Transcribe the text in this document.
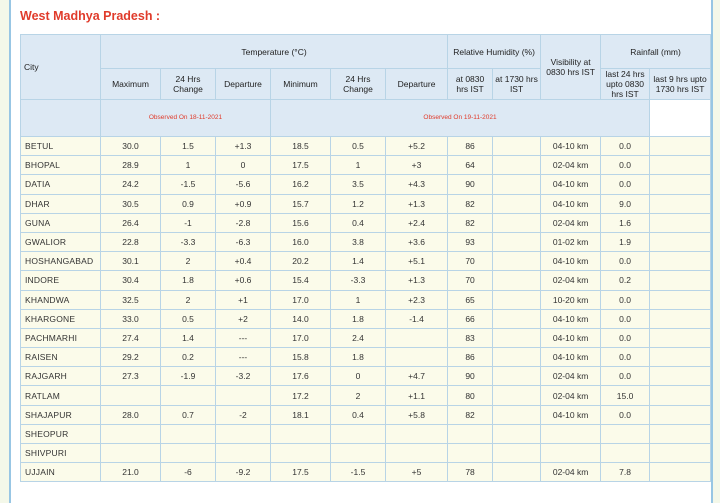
West Madhya Pradesh :
City	Temperature (°C)						Relative Humidity (%)		Visibility at 0830 hrs IST	Rainfall (mm)	
	Maximum	24 Hrs Change	Departure	Minimum	24 Hrs Change	Departure	at 0830 hrs IST	at 1730 hrs IST		last 24 hrs upto 0830 hrs IST	last 9 hrs upto 1730 hrs IST
	Observed On 18-11-2021			Observed On 19-11-2021							
BETUL	30.0	1.5	+1.3	18.5	0.5	+5.2	86		04-10 km	0.0	
BHOPAL	28.9	1	0	17.5	1	+3	64		02-04 km	0.0	
DATIA	24.2	-1.5	-5.6	16.2	3.5	+4.3	90		04-10 km	0.0	
DHAR	30.5	0.9	+0.9	15.7	1.2	+1.3	82		04-10 km	9.0	
GUNA	26.4	-1	-2.8	15.6	0.4	+2.4	82		02-04 km	1.6	
GWALIOR	22.8	-3.3	-6.3	16.0	3.8	+3.6	93		01-02 km	1.9	
HOSHANGABAD	30.1	2	+0.4	20.2	1.4	+5.1	70		04-10 km	0.0	
INDORE	30.4	1.8	+0.6	15.4	-3.3	+1.3	70		02-04 km	0.2	
KHANDWA	32.5	2	+1	17.0	1	+2.3	65		10-20 km	0.0	
KHARGONE	33.0	0.5	+2	14.0	1.8	-1.4	66		04-10 km	0.0	
PACHMARHI	27.4	1.4	---	17.0	2.4		83		04-10 km	0.0	
RAISEN	29.2	0.2	---	15.8	1.8		86		04-10 km	0.0	
RAJGARH	27.3	-1.9	-3.2	17.6	0	+4.7	90		02-04 km	0.0	
RATLAM				17.2	2	+1.1	80		02-04 km	15.0	
SHAJAPUR	28.0	0.7	-2	18.1	0.4	+5.8	82		04-10 km	0.0	
SHEOPUR											
SHIVPURI											
UJJAIN	21.0	-6	-9.2	17.5	-1.5	+5	78		02-04 km	7.8	
